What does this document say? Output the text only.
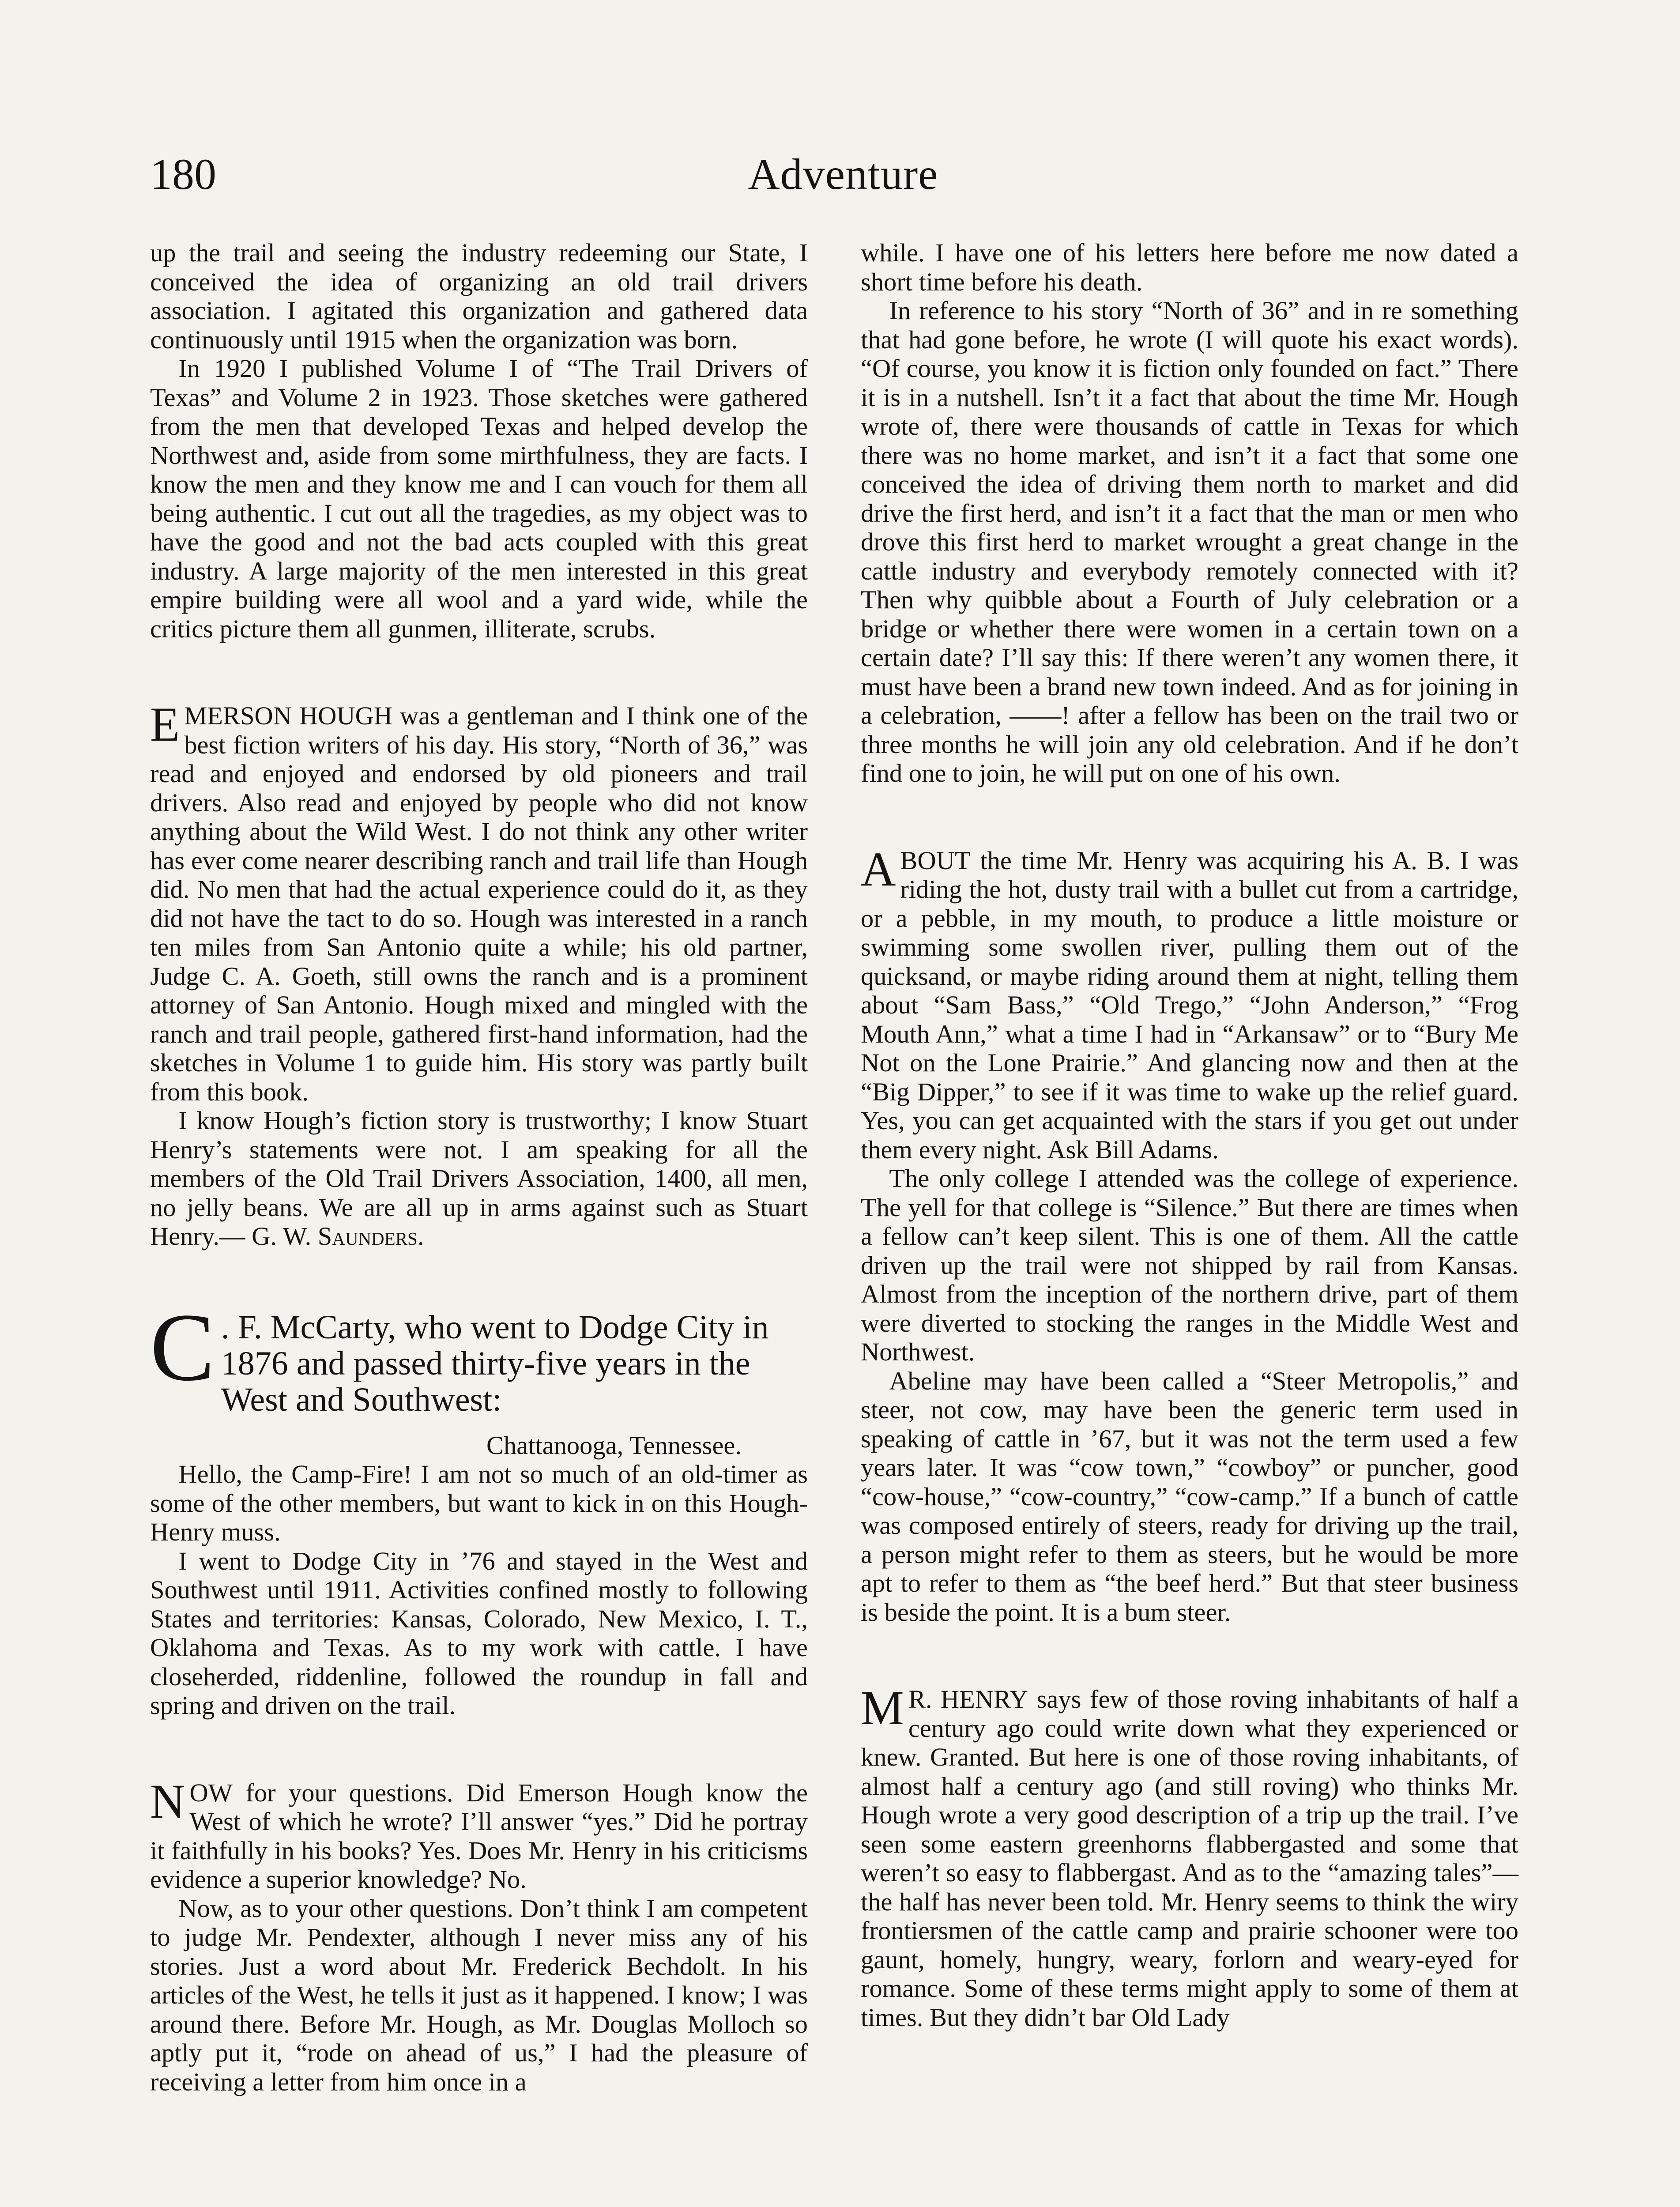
180	Adventure

up the trail and seeing the industry redeeming our State, I conceived the idea of organizing an old trail drivers association. I agitated this organization and gathered data continuously until 1915 when the organization was born.

In 1920 I published Volume I of “The Trail Drivers of Texas” and Volume 2 in 1923. Those sketches were gathered from the men that developed Texas and helped develop the Northwest and, aside from some mirthfulness, they are facts. I know the men and they know me and I can vouch for them all being authentic. I cut out all the tragedies, as my object was to have the good and not the bad acts coupled with this great industry. A large majority of the men interested in this great empire building were all wool and a yard wide, while the critics picture them all gunmen, illiterate, scrubs.

EMERSON HOUGH was a gentleman and I think one of the best fiction writers of his day. His story, “North of 36,” was read and enjoyed and endorsed by old pioneers and trail drivers. Also read and enjoyed by people who did not know anything about the Wild West. I do not think any other writer has ever come nearer describing ranch and trail life than Hough did. No men that had the actual experience could do it, as they did not have the tact to do so. Hough was interested in a ranch ten miles from San Antonio quite a while; his old partner, Judge C. A. Goeth, still owns the ranch and is a prominent attorney of San Antonio. Hough mixed and mingled with the ranch and trail people, gathered first-hand information, had the sketches in Volume 1 to guide him. His story was partly built from this book.

I know Hough’s fiction story is trustworthy; I know Stuart Henry’s statements were not. I am speaking for all the members of the Old Trail Drivers Association, 1400, all men, no jelly beans. We are all up in arms against such as Stuart Henry.— G. W. Saunders.

C . F. McCarty, who went to Dodge City in 1876 and passed thirty-five years in the West and Southwest:

Chattanooga, Tennessee.

Hello, the Camp-Fire! I am not so much of an old-timer as some of the other members, but want to kick in on this Hough-Henry muss.

I went to Dodge City in ’76 and stayed in the West and Southwest until 1911. Activities confined mostly to following States and territories: Kansas, Colorado, New Mexico, I. T., Oklahoma and Texas. As to my work with cattle. I have closeherded, riddenline, followed the roundup in fall and spring and driven on the trail.

NOW for your questions. Did Emerson Hough know the West of which he wrote? I’ll answer “yes.” Did he portray it faithfully in his books? Yes. Does Mr. Henry in his criticisms evidence a superior knowledge? No.

Now, as to your other questions. Don’t think I am competent to judge Mr. Pendexter, although I never miss any of his stories. Just a word about Mr. Frederick Bechdolt. In his articles of the West, he tells it just as it happened. I know; I was around there. Before Mr. Hough, as Mr. Douglas Molloch so aptly put it, “rode on ahead of us,” I had the pleasure of receiving a letter from him once in a

while. I have one of his letters here before me now dated a short time before his death.

In reference to his story “North of 36” and in re something that had gone before, he wrote (I will quote his exact words). “Of course, you know it is fiction only founded on fact.” There it is in a nutshell. Isn’t it a fact that about the time Mr. Hough wrote of, there were thousands of cattle in Texas for which there was no home market, and isn’t it a fact that some one conceived the idea of driving them north to market and did drive the first herd, and isn’t it a fact that the man or men who drove this first herd to market wrought a great change in the cattle industry and everybody remotely connected with it? Then why quibble about a Fourth of July celebration or a bridge or whether there were women in a certain town on a certain date? I’ll say this: If there weren’t any women there, it must have been a brand new town indeed. And as for joining in a celebration, ——! after a fellow has been on the trail two or three months he will join any old celebration. And if he don’t find one to join, he will put on one of his own.

ABOUT the time Mr. Henry was acquiring his A. B. I was riding the hot, dusty trail with a bullet cut from a cartridge, or a pebble, in my mouth, to produce a little moisture or swimming some swollen river, pulling them out of the quicksand, or maybe riding around them at night, telling them about “Sam Bass,” “Old Trego,” “John Anderson,” “Frog Mouth Ann,” what a time I had in “Arkansaw” or to “Bury Me Not on the Lone Prairie.” And glancing now and then at the “Big Dipper,” to see if it was time to wake up the relief guard. Yes, you can get acquainted with the stars if you get out under them every night. Ask Bill Adams.

The only college I attended was the college of experience. The yell for that college is “Silence.” But there are times when a fellow can’t keep silent. This is one of them. All the cattle driven up the trail were not shipped by rail from Kansas. Almost from the inception of the northern drive, part of them were diverted to stocking the ranges in the Middle West and Northwest.

Abeline may have been called a “Steer Metropolis,” and steer, not cow, may have been the generic term used in speaking of cattle in ’67, but it was not the term used a few years later. It was “cow town,” “cowboy” or puncher, good “cow-house,” “cow-country,” “cow-camp.” If a bunch of cattle was composed entirely of steers, ready for driving up the trail, a person might refer to them as steers, but he would be more apt to refer to them as “the beef herd.” But that steer business is beside the point. It is a bum steer.

M R. HENRY says few of those roving inhabitants of half a century ago could write down what they experienced or knew. Granted. But here is one of those roving inhabitants, of almost half a century ago (and still roving) who thinks Mr. Hough wrote a very good description of a trip up the trail. I’ve seen some eastern greenhorns flabbergasted and some that weren’t so easy to flabbergast. And as to the “amazing tales”—the half has never been told. Mr. Henry seems to think the wiry frontiersmen of the cattle camp and prairie schooner were too gaunt, homely, hungry, weary, forlorn and weary-eyed for romance. Some of these terms might apply to some of them at times. But they didn’t bar Old Lady
